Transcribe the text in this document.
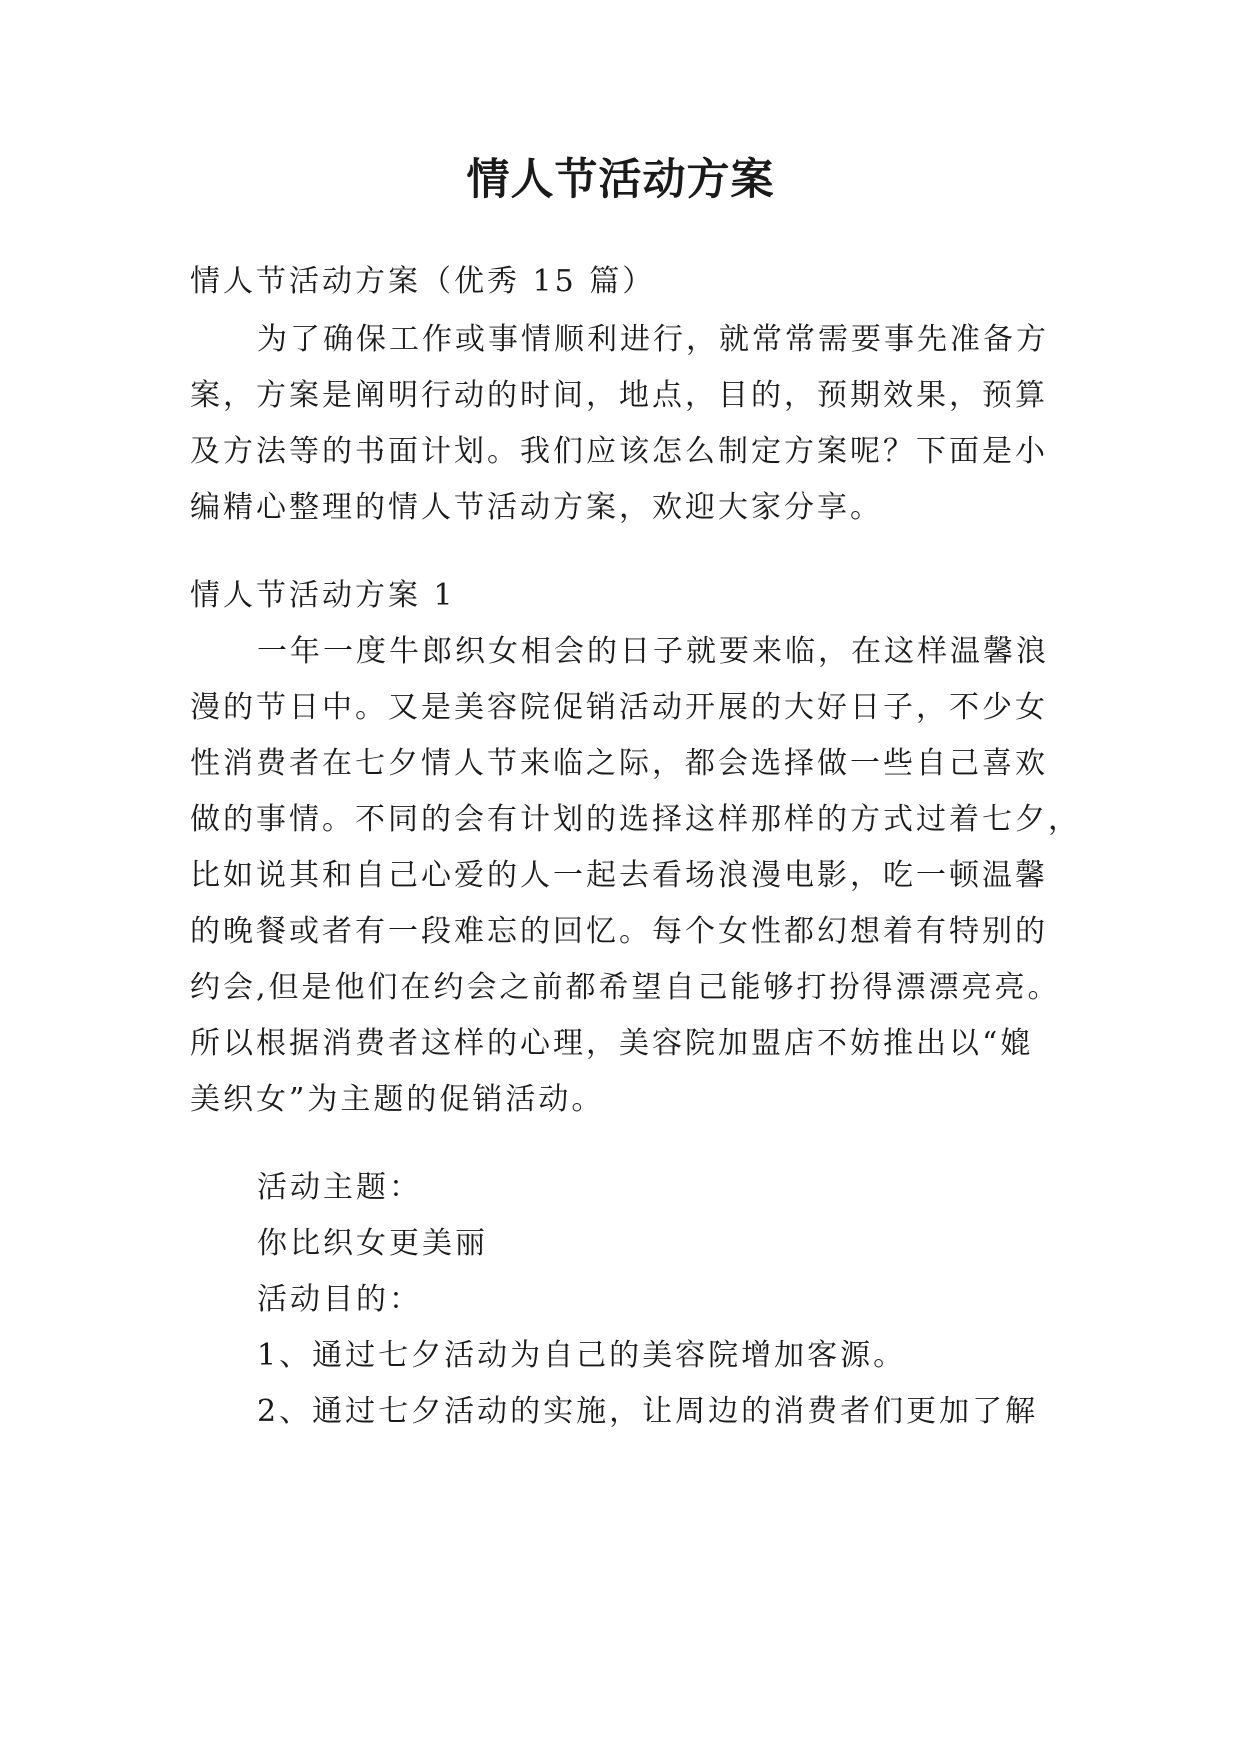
情人节活动方案

情人节活动方案（优秀 15 篇）

为了确保工作或事情顺利进行，就常常需要事先准备方

案，方案是阐明行动的时间，地点，目的，预期效果，预算

及方法等的书面计划。我们应该怎么制定方案呢？下面是小

编精心整理的情人节活动方案，欢迎大家分享。

情人节活动方案 1

一年一度牛郎织女相会的日子就要来临，在这样温馨浪

漫的节日中。又是美容院促销活动开展的大好日子，不少女

性消费者在七夕情人节来临之际，都会选择做一些自己喜欢

做的事情。不同的会有计划的选择这样那样的方式过着七夕，

比如说其和自己心爱的人一起去看场浪漫电影，吃一顿温馨

的晚餐或者有一段难忘的回忆。每个女性都幻想着有特别的

约会,但是他们在约会之前都希望自己能够打扮得漂漂亮亮。

所以根据消费者这样的心理，美容院加盟店不妨推出以“媲

美织女”为主题的促销活动。

活动主题：

你比织女更美丽

活动目的：

1、通过七夕活动为自己的美容院增加客源。

2、通过七夕活动的实施，让周边的消费者们更加了解
